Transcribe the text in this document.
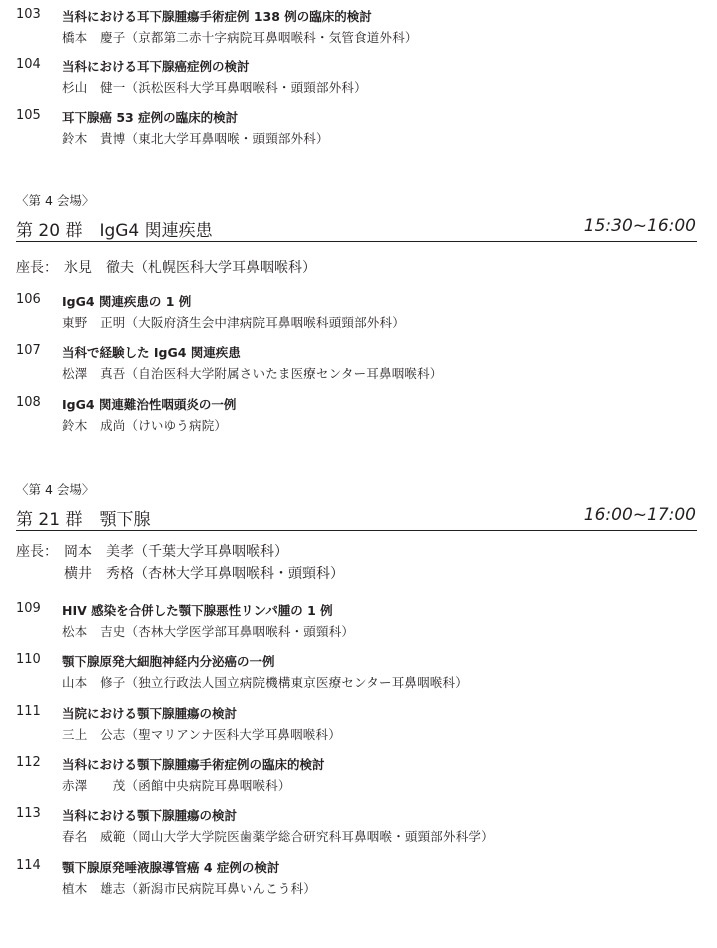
103 当科における耳下腺腫瘍手術症例 138 例の臨床的検討
橋本　慶子（京都第二赤十字病院耳鼻咽喉科・気管食道外科）
104 当科における耳下腺癌症例の検討
杉山　健一（浜松医科大学耳鼻咽喉科・頭頸部外科）
105 耳下腺癌 53 症例の臨床的検討
鈴木　貴博（東北大学耳鼻咽喉・頭頸部外科）
〈第 4 会場〉
第 20 群　IgG4 関連疾患	15:30~16:00
座長： 氷見　徹夫（札幌医科大学耳鼻咽喉科）
106 IgG4 関連疾患の 1 例
東野　正明（大阪府済生会中津病院耳鼻咽喉科頭頸部外科）
107 当科で経験した IgG4 関連疾患
松澤　真吾（自治医科大学附属さいたま医療センター耳鼻咽喉科）
108 IgG4 関連難治性咽頭炎の一例
鈴木　成尚（けいゆう病院）
〈第 4 会場〉
第 21 群　顎下腺	16:00~17:00
座長： 岡本　美孝（千葉大学耳鼻咽喉科）
横井　秀格（杏林大学耳鼻咽喉科・頭頸科）
109 HIV 感染を合併した顎下腺悪性リンパ腫の 1 例
松本　吉史（杏林大学医学部耳鼻咽喉科・頭頸科）
110 顎下腺原発大細胞神経内分泌癌の一例
山本　修子（独立行政法人国立病院機構東京医療センター耳鼻咽喉科）
111 当院における顎下腺腫瘍の検討
三上　公志（聖マリアンナ医科大学耳鼻咽喉科）
112 当科における顎下腺腫瘍手術症例の臨床的検討
赤澤　　茂（函館中央病院耳鼻咽喉科）
113 当科における顎下腺腫瘍の検討
春名　威範（岡山大学大学院医歯薬学総合研究科耳鼻咽喉・頭頸部外科学）
114 顎下腺原発唾液腺導管癌 4 症例の検討
植木　雄志（新潟市民病院耳鼻いんこう科）
